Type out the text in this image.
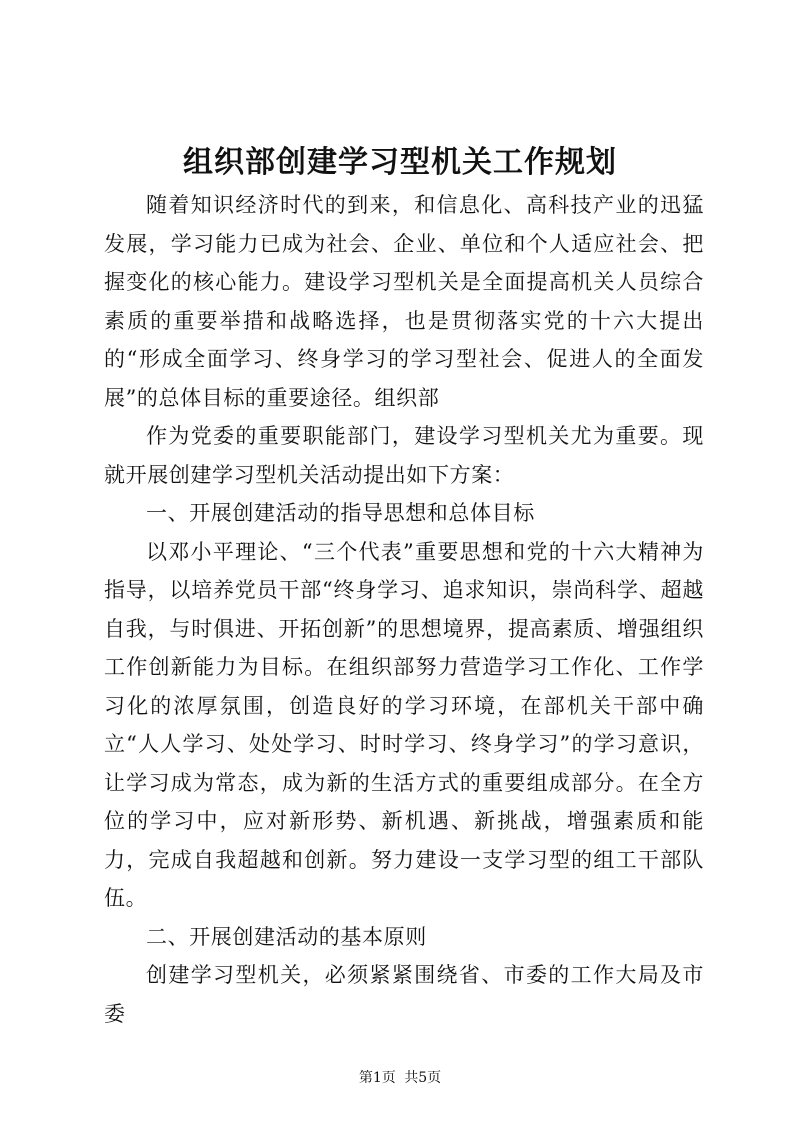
组织部创建学习型机关工作规划

随着知识经济时代的到来，和信息化、高科技产业的迅猛发展，学习能力已成为社会、企业、单位和个人适应社会、把握变化的核心能力。建设学习型机关是全面提高机关人员综合素质的重要举措和战略选择，也是贯彻落实党的十六大提出的“形成全面学习、终身学习的学习型社会、促进人的全面发展”的总体目标的重要途径。组织部

作为党委的重要职能部门，建设学习型机关尤为重要。现就开展创建学习型机关活动提出如下方案：

一、开展创建活动的指导思想和总体目标

以邓小平理论、“三个代表”重要思想和党的十六大精神为指导，以培养党员干部“终身学习、追求知识，崇尚科学、超越自我，与时俱进、开拓创新”的思想境界，提高素质、增强组织工作创新能力为目标。在组织部努力营造学习工作化、工作学习化的浓厚氛围，创造良好的学习环境，在部机关干部中确立“人人学习、处处学习、时时学习、终身学习”的学习意识，让学习成为常态，成为新的生活方式的重要组成部分。在全方位的学习中，应对新形势、新机遇、新挑战，增强素质和能力，完成自我超越和创新。努力建设一支学习型的组工干部队伍。

二、开展创建活动的基本原则

创建学习型机关，必须紧紧围绕省、市委的工作大局及市委

第1页 共5页
